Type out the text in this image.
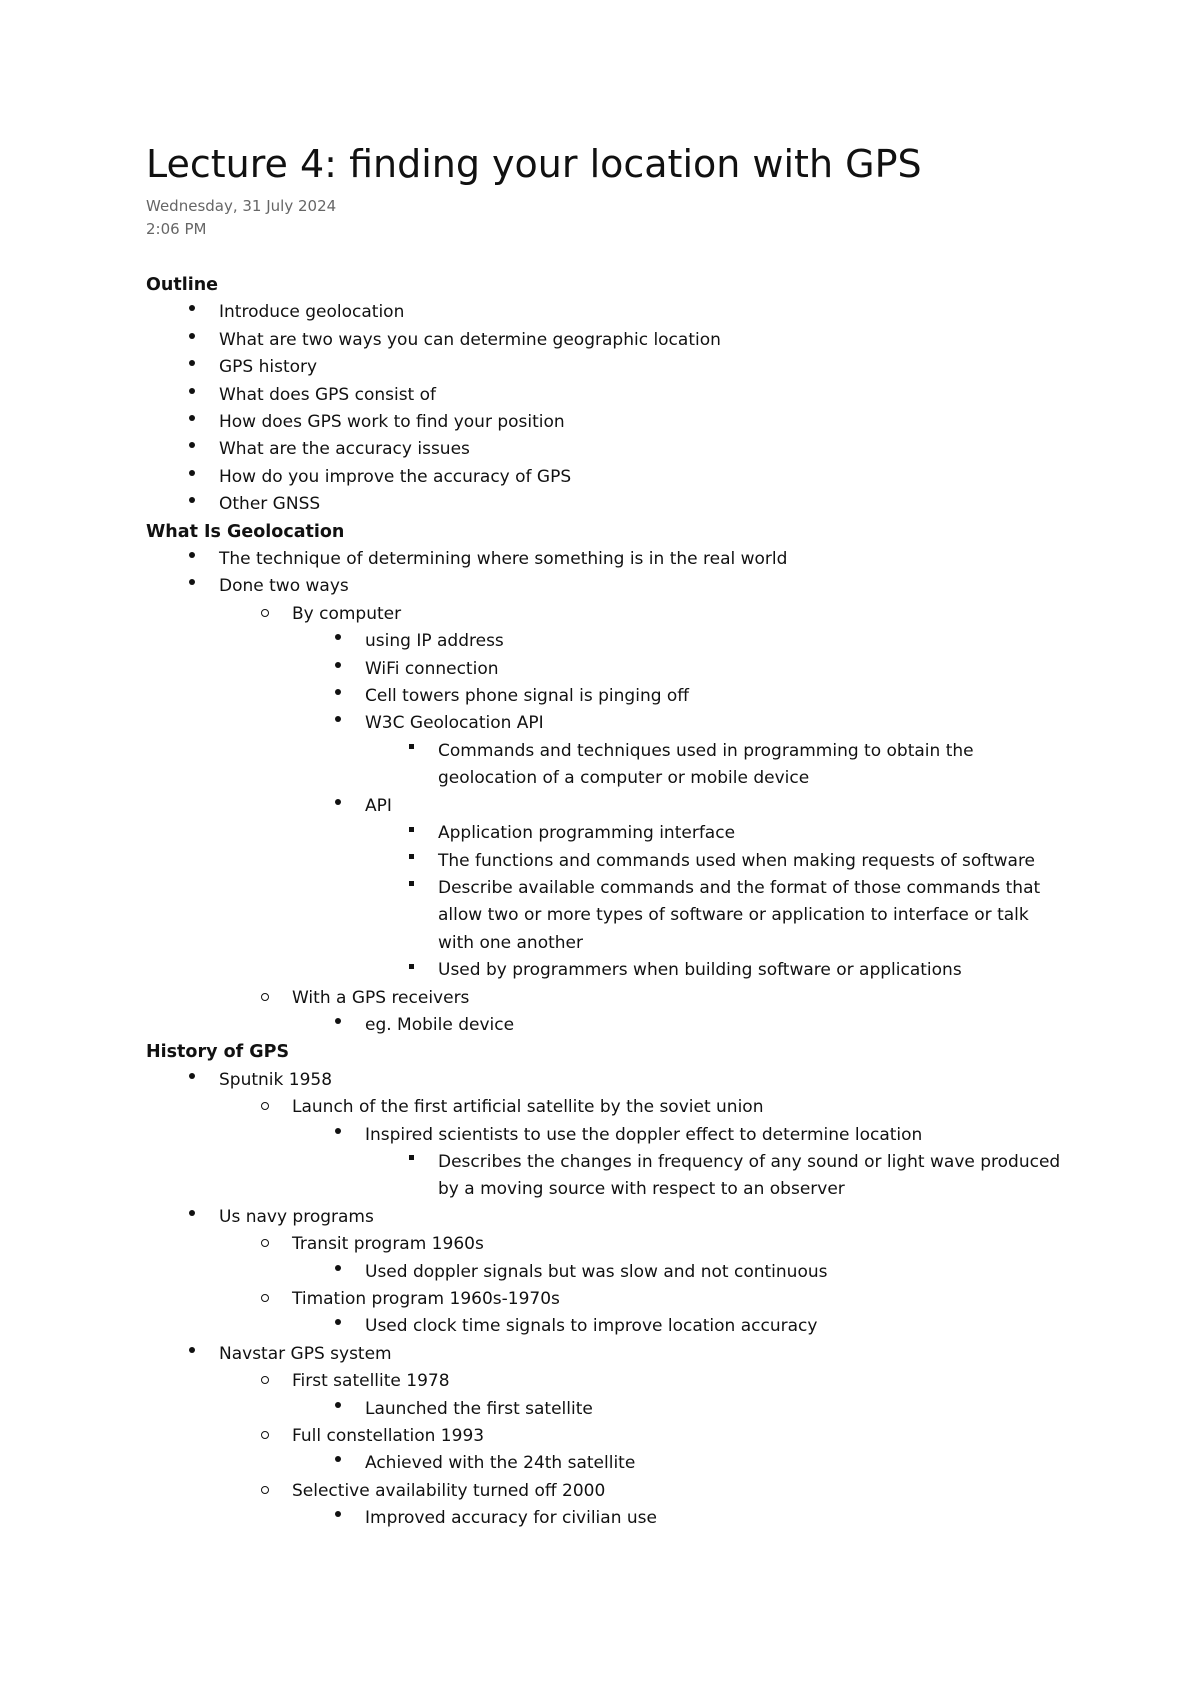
Lecture 4: finding your location with GPS
Wednesday, 31 July 2024
2:06 PM
Outline
Introduce geolocation
What are two ways you can determine geographic location
GPS history
What does GPS consist of
How does GPS work to find your position
What are the accuracy issues
How do you improve the accuracy of GPS
Other GNSS
What Is Geolocation
The technique of determining where something is in the real world
Done two ways
By computer
using IP address
WiFi connection
Cell towers phone signal is pinging off
W3C Geolocation API
Commands and techniques used in programming to obtain the geolocation of a computer or mobile device
API
Application programming interface
The functions and commands used when making requests of software
Describe available commands and the format of those commands that allow two or more types of software or application to interface or talk with one another
Used by programmers when building software or applications
With a GPS receivers
eg. Mobile device
History of GPS
Sputnik 1958
Launch of the first artificial satellite by the soviet union
Inspired scientists to use the doppler effect to determine location
Describes the changes in frequency of any sound or light wave produced by a moving source with respect to an observer
Us navy programs
Transit program 1960s
Used doppler signals but was slow and not continuous
Timation program 1960s-1970s
Used clock time signals to improve location accuracy
Navstar GPS system
First satellite 1978
Launched the first satellite
Full constellation 1993
Achieved with the 24th satellite
Selective availability turned off 2000
Improved accuracy for civilian use
